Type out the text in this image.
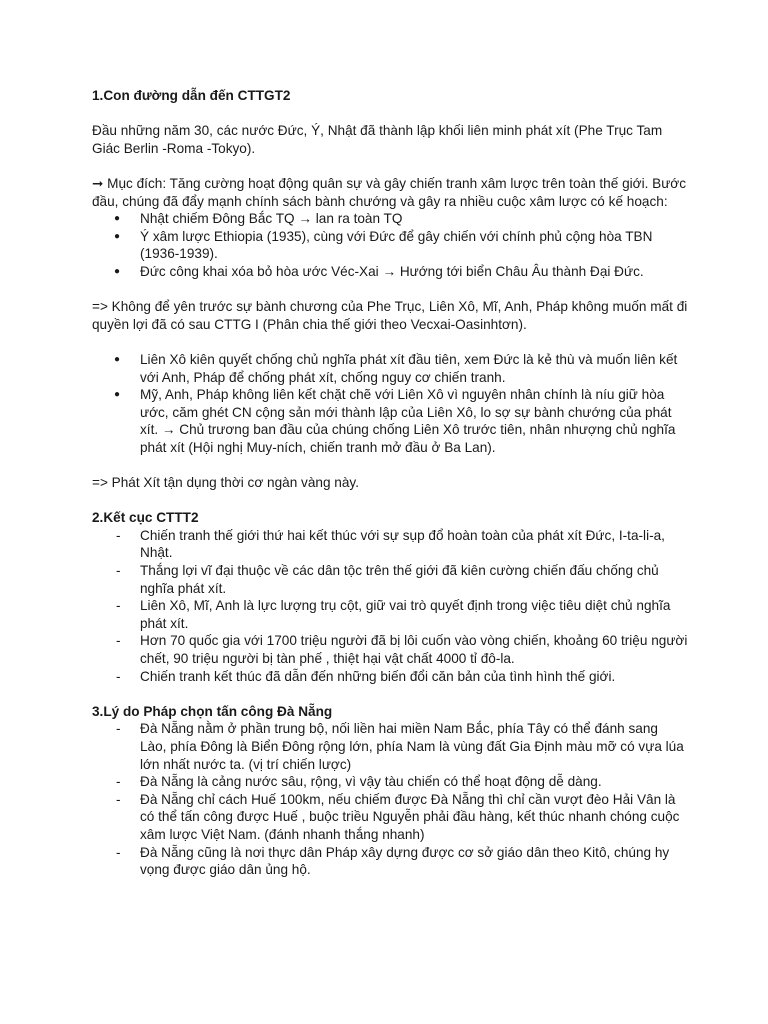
1.Con đường dẫn đến CTTGT2

Đầu những năm 30, các nước Đức, Ý, Nhật đã thành lập khối liên minh phát xít (Phe Trục Tam Giác Berlin -Roma -Tokyo).

➞ Mục đích: Tăng cường hoạt động quân sự và gây chiến tranh xâm lược trên toàn thế giới. Bước đầu, chúng đã đẩy mạnh chính sách bành chướng và gây ra nhiều cuộc xâm lược có kế hoạch:

● Nhật chiếm Đông Bắc TQ → lan ra toàn TQ
● Ý xâm lược Ethiopia (1935), cùng với Đức để gây chiến với chính phủ cộng hòa TBN (1936-1939).
● Đức công khai xóa bỏ hòa ước Véc-Xai → Hướng tới biển Châu Âu thành Đại Đức.

=> Không để yên trước sự bành chương của Phe Trục, Liên Xô, Mĩ, Anh, Pháp không muốn mất đi quyền lợi đã có sau CTTG I (Phân chia thế giới theo Vecxai-Oasinhtơn).

● Liên Xô kiên quyết chống chủ nghĩa phát xít đầu tiên, xem Đức là kẻ thù và muốn liên kết với Anh, Pháp để chống phát xít, chống nguy cơ chiến tranh.
● Mỹ, Anh, Pháp không liên kết chặt chẽ với Liên Xô vì nguyên nhân chính là níu giữ hòa ước, căm ghét CN cộng sản mới thành lập của Liên Xô, lo sợ sự bành chướng của phát xít. → Chủ trương ban đầu của chúng chống Liên Xô trước tiên, nhân nhượng chủ nghĩa phát xít (Hội nghị Muy-ních, chiến tranh mở đầu ở Ba Lan).

=> Phát Xít tận dụng thời cơ ngàn vàng này.

2.Kết cục CTTT2

- Chiến tranh thế giới thứ hai kết thúc với sự sụp đổ hoàn toàn của phát xít Đức, I-ta-li-a, Nhật.
- Thắng lợi vĩ đại thuộc về các dân tộc trên thế giới đã kiên cường chiến đấu chống chủ nghĩa phát xít.
- Liên Xô, Mĩ, Anh là lực lượng trụ cột, giữ vai trò quyết định trong việc tiêu diệt chủ nghĩa phát xít.
- Hơn 70 quốc gia với 1700 triệu người đã bị lôi cuốn vào vòng chiến, khoảng 60 triệu người chết, 90 triệu người bị tàn phế , thiệt hại vật chất 4000 tỉ đô-la.
- Chiến tranh kết thúc đã dẫn đến những biến đổi căn bản của tình hình thế giới.

3.Lý do Pháp chọn tấn công Đà Nẵng

- Đà Nẵng nằm ở phần trung bộ, nối liền hai miền Nam Bắc, phía Tây có thể đánh sang Lào, phía Đông là Biển Đông rộng lớn, phía Nam là vùng đất Gia Định màu mỡ có vựa lúa lớn nhất nước ta. (vị trí chiến lược)
- Đà Nẵng là cảng nước sâu, rộng, vì vậy tàu chiến có thể hoạt động dễ dàng.
- Đà Nẵng chỉ cách Huế 100km, nếu chiếm được Đà Nẵng thì chỉ cần vượt đèo Hải Vân là có thể tấn công được Huế , buộc triều Nguyễn phải đầu hàng, kết thúc nhanh chóng cuộc xâm lược Việt Nam. (đánh nhanh thắng nhanh)
- Đà Nẵng cũng là nơi thực dân Pháp xây dựng được cơ sở giáo dân theo Kitô, chúng hy vọng được giáo dân ủng hộ.
